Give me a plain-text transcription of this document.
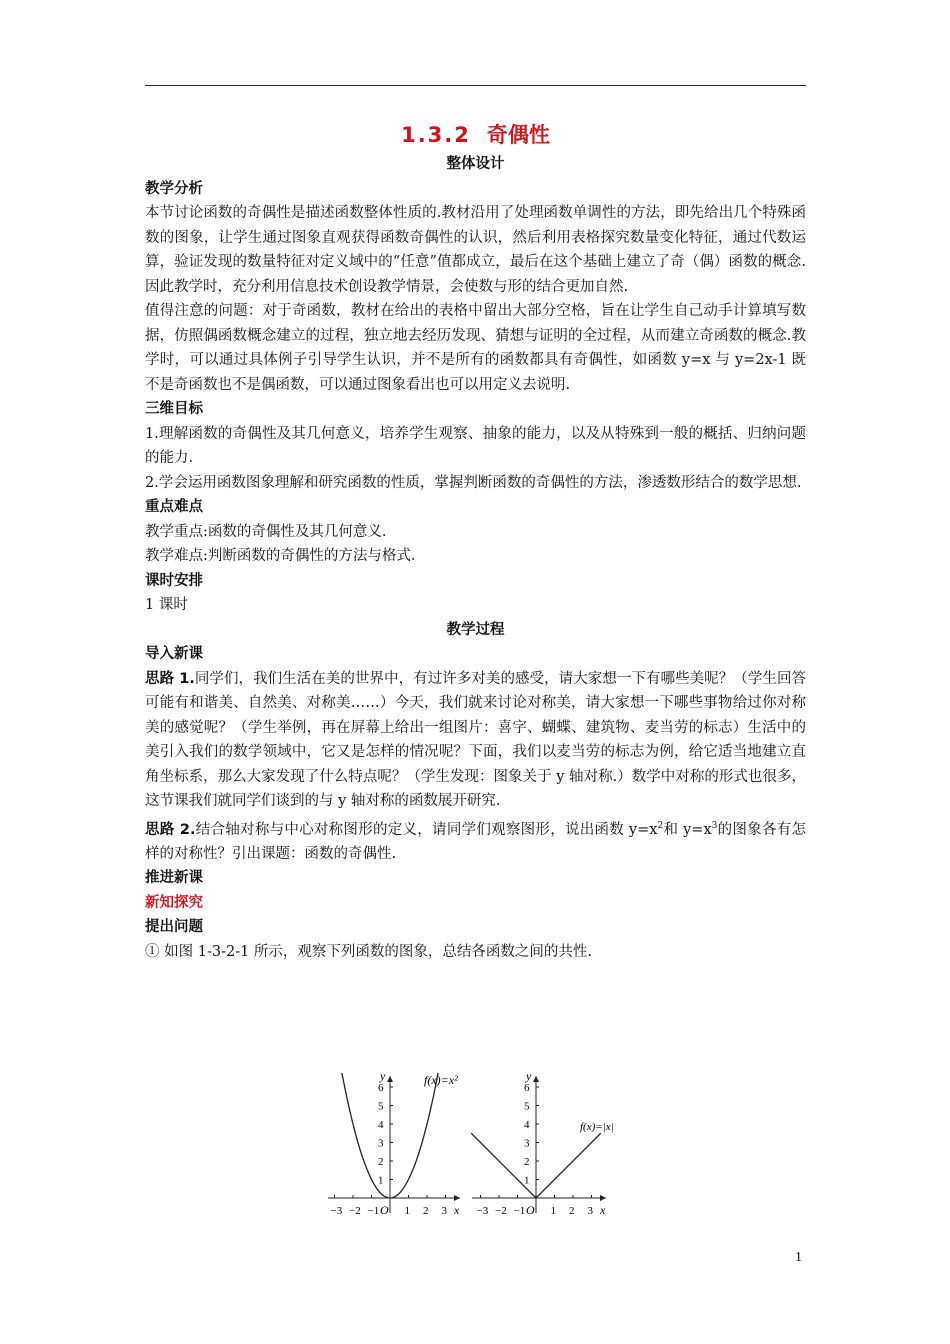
1.3.2 奇偶性
整体设计
教学分析

本节讨论函数的奇偶性是描述函数整体性质的.教材沿用了处理函数单调性的方法，即先给出几个特殊函数的图象，让学生通过图象直观获得函数奇偶性的认识，然后利用表格探究数量变化特征，通过代数运算，验证发现的数量特征对定义域中的“任意”值都成立，最后在这个基础上建立了奇（偶）函数的概念.因此教学时，充分利用信息技术创设教学情景，会使数与形的结合更加自然.

值得注意的问题：对于奇函数，教材在给出的表格中留出大部分空格，旨在让学生自己动手计算填写数据，仿照偶函数概念建立的过程，独立地去经历发现、猜想与证明的全过程，从而建立奇函数的概念.教学时，可以通过具体例子引导学生认识，并不是所有的函数都具有奇偶性，如函数 y=x 与 y=2x-1 既不是奇函数也不是偶函数，可以通过图象看出也可以用定义去说明.

三维目标

1.理解函数的奇偶性及其几何意义，培养学生观察、抽象的能力，以及从特殊到一般的概括、归纳问题的能力.

2.学会运用函数图象理解和研究函数的性质，掌握判断函数的奇偶性的方法，渗透数形结合的数学思想.

重点难点

教学重点:函数的奇偶性及其几何意义.

教学难点:判断函数的奇偶性的方法与格式.

课时安排

1 课时

教学过程
导入新课

思路 1.同学们，我们生活在美的世界中，有过许多对美的感受，请大家想一下有哪些美呢？（学生回答可能有和谐美、自然美、对称美……）今天，我们就来讨论对称美，请大家想一下哪些事物给过你对称美的感觉呢？（学生举例，再在屏幕上给出一组图片：喜字、蝴蝶、建筑物、麦当劳的标志）生活中的美引入我们的数学领域中，它又是怎样的情况呢？下面，我们以麦当劳的标志为例，给它适当地建立直角坐标系，那么大家发现了什么特点呢？（学生发现：图象关于 y 轴对称.）数学中对称的形式也很多，这节课我们就同学们谈到的与 y 轴对称的函数展开研究.

思路 2.结合轴对称与中心对称图形的定义，请同学们观察图形，说出函数 $y=x^2$和 $y=x^3$的图象各有怎样的对称性？引出课题：函数的奇偶性.

推进新课
新知探究
提出问题

① 如图 1-3-2-1 所示，观察下列函数的图象，总结各函数之间的共性.

f(x)=x²
y
x
O
−3 −2 −1 1 2 3
1
2
3
4
5
6
f(x)=|x|
y
x
O
−3 −2 −1 1 2 3
1
2
3
4
5
6
1
